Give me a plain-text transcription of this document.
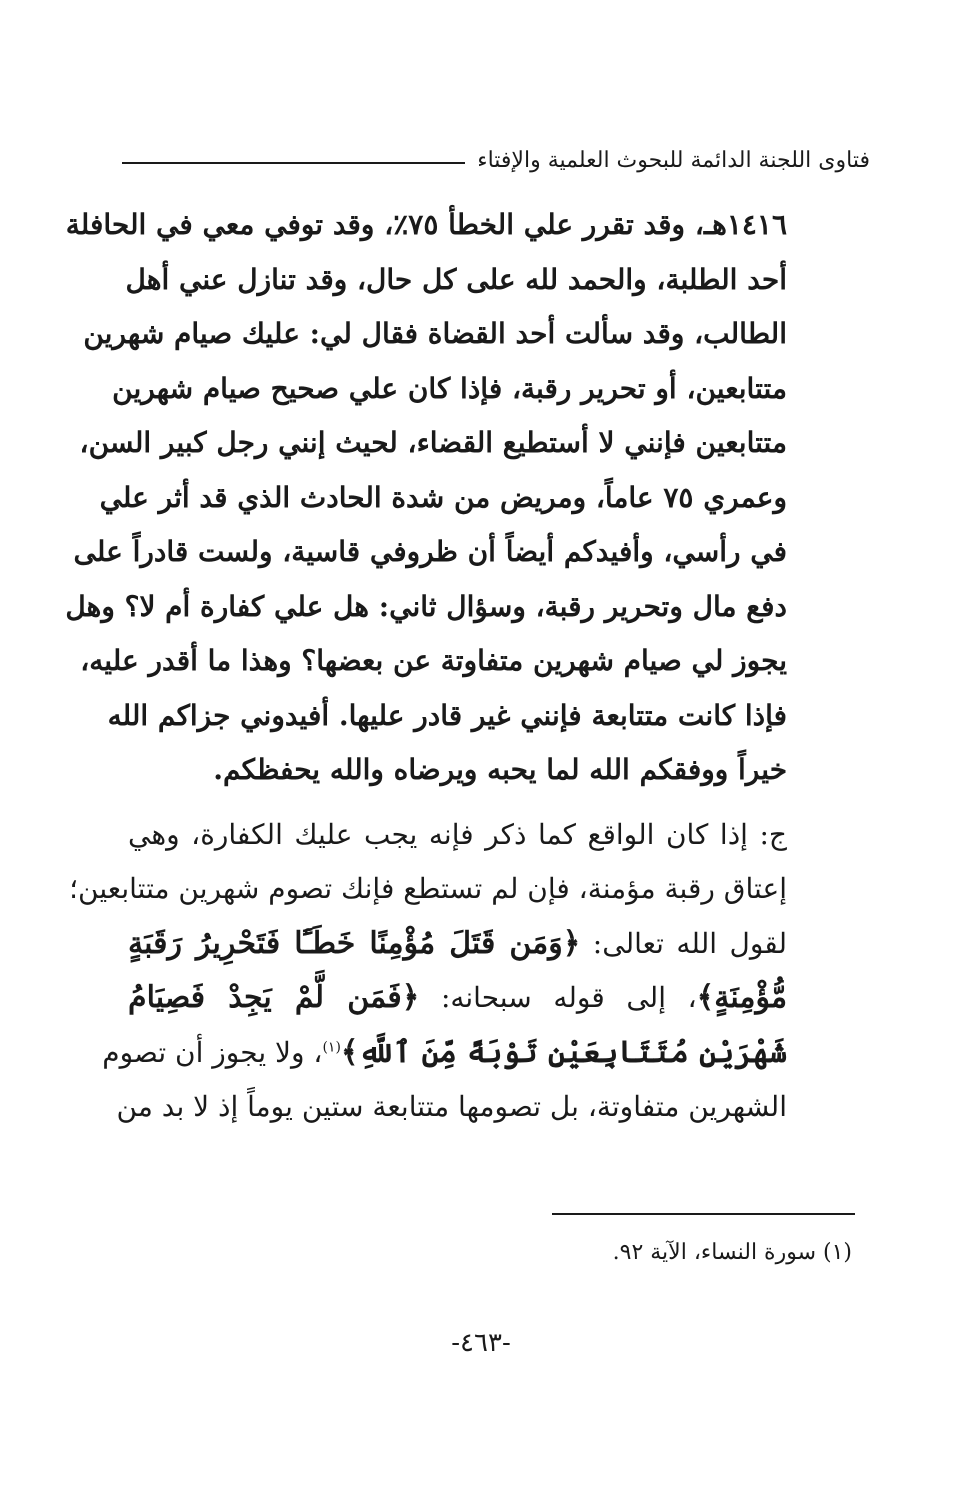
فتاوى اللجنة الدائمة للبحوث العلمية والإفتاء
١٤١٦هـ، وقد تقرر علي الخطأ ٧٥٪، وقد توفي معي في الحافلة
أحد الطلبة، والحمد لله على كل حال، وقد تنازل عني أهل
الطالب، وقد سألت أحد القضاة فقال لي: عليك صيام شهرين
متتابعين، أو تحرير رقبة، فإذا كان علي صحيح صيام شهرين
متتابعين فإنني لا أستطيع القضاء، لحيث إنني رجل كبير السن،
وعمري ٧٥ عاماً، ومريض من شدة الحادث الذي قد أثر علي
في رأسي، وأفيدكم أيضاً أن ظروفي قاسية، ولست قادراً على
دفع مال وتحرير رقبة، وسؤال ثاني: هل علي كفارة أم لا؟ وهل
يجوز لي صيام شهرين متفاوتة عن بعضها؟ وهذا ما أقدر عليه،
فإذا كانت متتابعة فإنني غير قادر عليها. أفيدوني جزاكم الله
خيراً ووفقكم الله لما يحبه ويرضاه والله يحفظكم.
ج: إذا كان الواقع كما ذكر فإنه يجب عليك الكفارة، وهي
إعتاق رقبة مؤمنة، فإن لم تستطع فإنك تصوم شهرين متتابعين؛
لقول الله تعالى: ﴿وَمَن قَتَلَ مُؤْمِنًا خَطَـًٔا فَتَحْرِيرُ رَقَبَةٍ
مُّؤْمِنَةٍ﴾، إلى قوله سبحانه: ﴿فَمَن لَّمْ يَجِدْ فَصِيَامُ
شَهْرَيْنِ مُتَتَابِعَيْنِ تَوْبَةً مِّنَ ٱللَّهِ﴾$^{(١)}$، ولا يجوز أن تصوم
الشهرين متفاوتة، بل تصومها متتابعة ستين يوماً إذ لا بد من
(١) سورة النساء، الآية ٩٢.
-٤٦٣-
